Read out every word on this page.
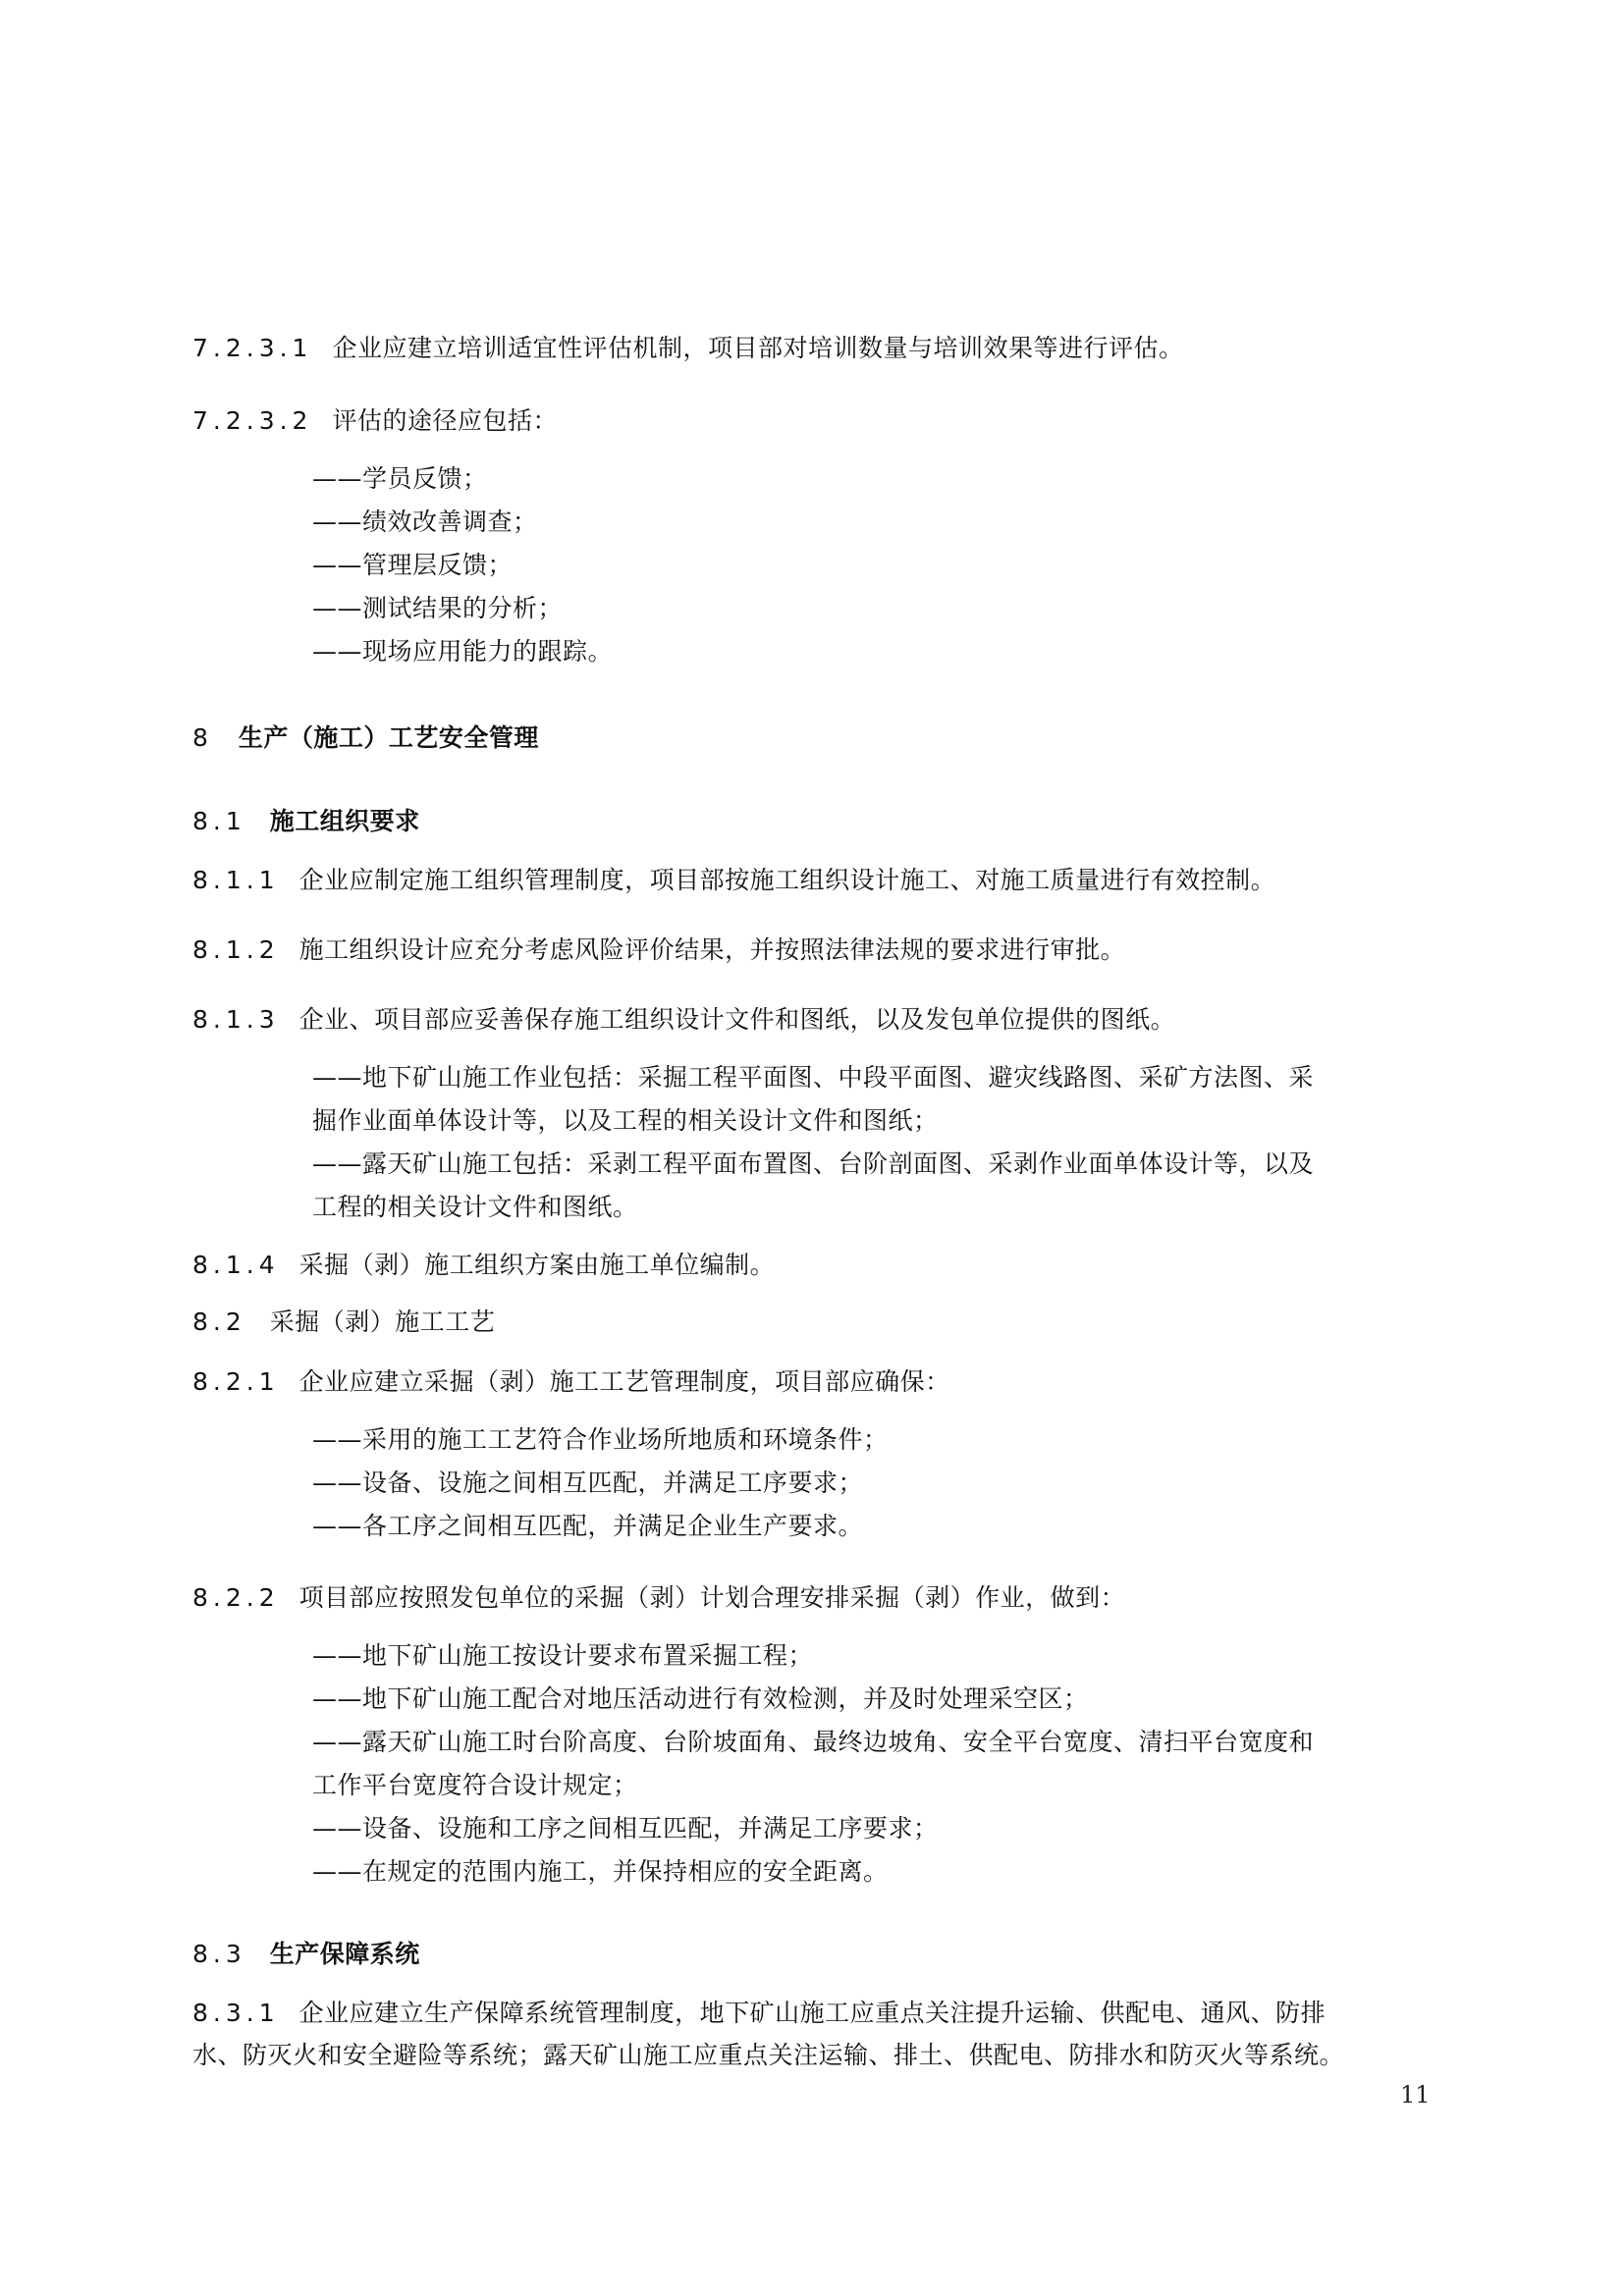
11

7.2.3.1 企业应建立培训适宜性评估机制，项目部对培训数量与培训效果等进行评估。

7.2.3.2 评估的途径应包括：

——学员反馈；

——绩效改善调查；

——管理层反馈；

——测试结果的分析；

——现场应用能力的跟踪。

8 生产（施工）工艺安全管理

8.1 施工组织要求

8.1.1 企业应制定施工组织管理制度，项目部按施工组织设计施工、对施工质量进行有效控制。

8.1.2 施工组织设计应充分考虑风险评价结果，并按照法律法规的要求进行审批。

8.1.3 企业、项目部应妥善保存施工组织设计文件和图纸，以及发包单位提供的图纸。

——地下矿山施工作业包括：采掘工程平面图、中段平面图、避灾线路图、采矿方法图、采

掘作业面单体设计等，以及工程的相关设计文件和图纸；

——露天矿山施工包括：采剥工程平面布置图、台阶剖面图、采剥作业面单体设计等，以及

工程的相关设计文件和图纸。

8.1.4 采掘（剥）施工组织方案由施工单位编制。

8.2 采掘（剥）施工工艺

8.2.1 企业应建立采掘（剥）施工工艺管理制度，项目部应确保：

——采用的施工工艺符合作业场所地质和环境条件；

——设备、设施之间相互匹配，并满足工序要求；

——各工序之间相互匹配，并满足企业生产要求。

8.2.2 项目部应按照发包单位的采掘（剥）计划合理安排采掘（剥）作业，做到：

——地下矿山施工按设计要求布置采掘工程；

——地下矿山施工配合对地压活动进行有效检测，并及时处理采空区；

——露天矿山施工时台阶高度、台阶坡面角、最终边坡角、安全平台宽度、清扫平台宽度和

工作平台宽度符合设计规定；

——设备、设施和工序之间相互匹配，并满足工序要求；

——在规定的范围内施工，并保持相应的安全距离。

8.3 生产保障系统

8.3.1 企业应建立生产保障系统管理制度，地下矿山施工应重点关注提升运输、供配电、通风、防排

水、防灭火和安全避险等系统；露天矿山施工应重点关注运输、排土、供配电、防排水和防灭火等系统。
